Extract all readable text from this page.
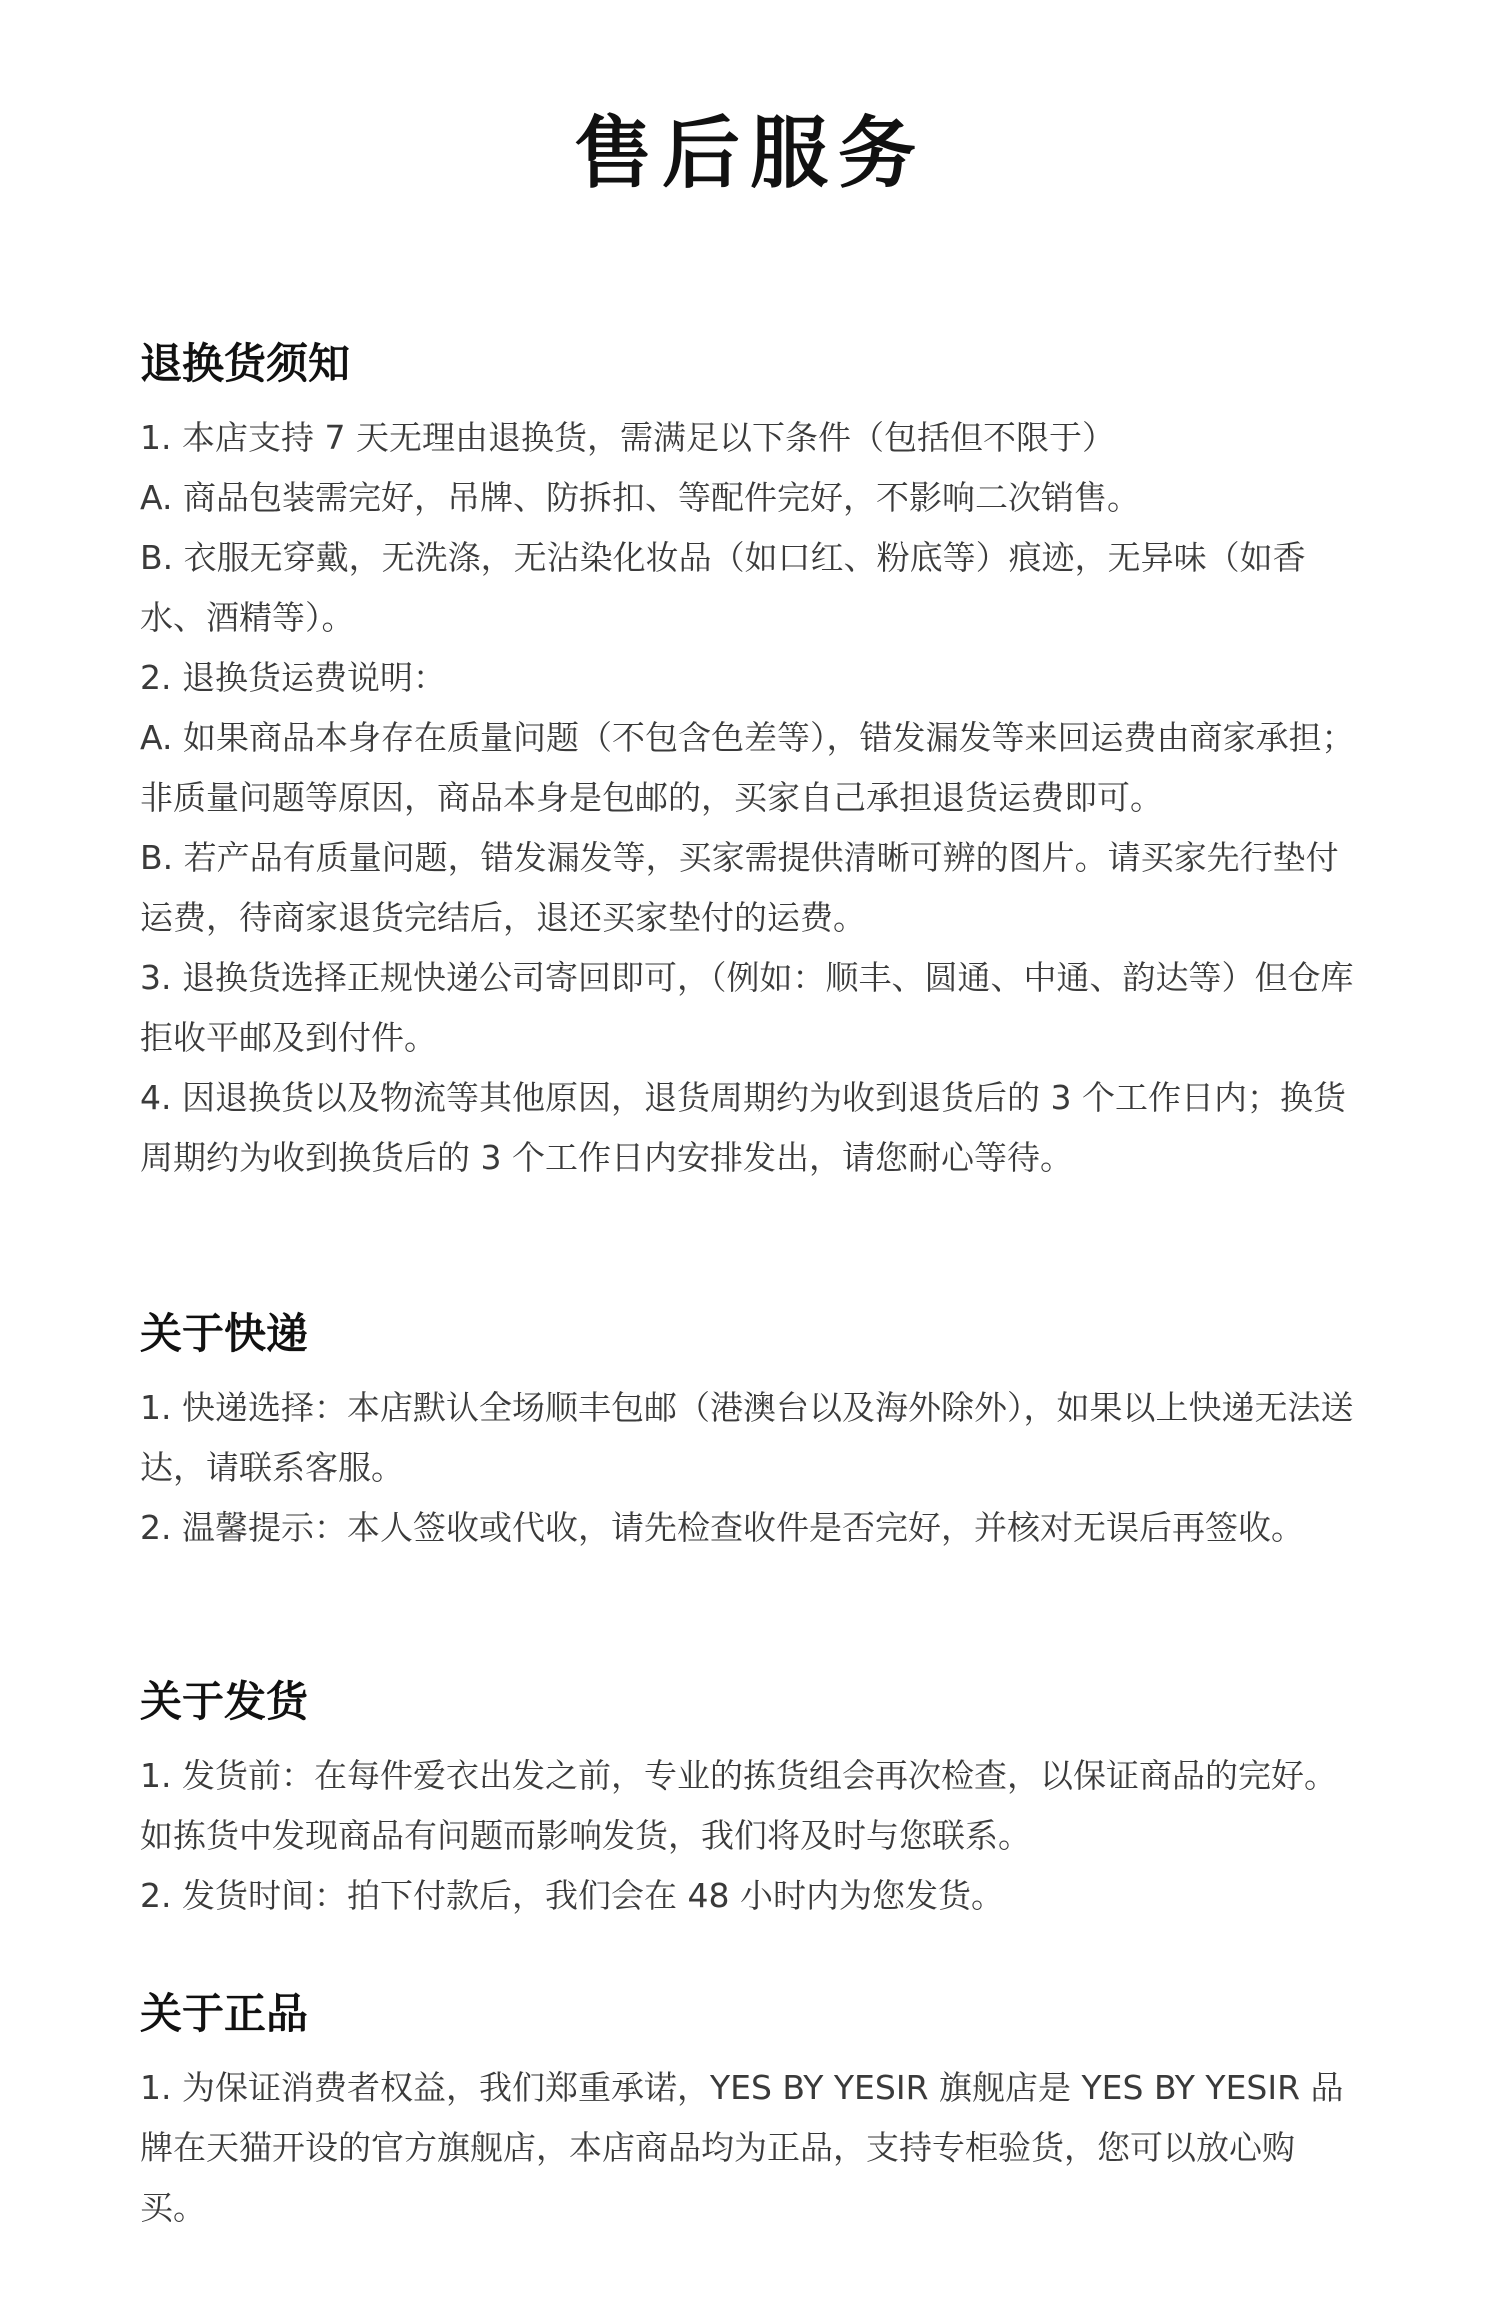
售后服务
退换货须知

1. 本店支持 7 天无理由退换货，需满足以下条件（包括但不限于）

A. 商品包装需完好，吊牌、防拆扣、等配件完好，不影响二次销售。

B. 衣服无穿戴，无洗涤，无沾染化妆品（如口红、粉底等）痕迹，无异味（如香水、酒精等）。

2. 退换货运费说明：

A. 如果商品本身存在质量问题（不包含色差等），错发漏发等来回运费由商家承担；非质量问题等原因，商品本身是包邮的，买家自己承担退货运费即可。

B. 若产品有质量问题，错发漏发等，买家需提供清晰可辨的图片。请买家先行垫付运费，待商家退货完结后，退还买家垫付的运费。

3. 退换货选择正规快递公司寄回即可，（例如：顺丰、圆通、中通、韵达等）但仓库拒收平邮及到付件。

4. 因退换货以及物流等其他原因，退货周期约为收到退货后的 3 个工作日内；换货周期约为收到换货后的 3 个工作日内安排发出，请您耐心等待。

关于快递

1. 快递选择：本店默认全场顺丰包邮（港澳台以及海外除外），如果以上快递无法送达，请联系客服。

2. 温馨提示：本人签收或代收，请先检查收件是否完好，并核对无误后再签收。

关于发货

1. 发货前：在每件爱衣出发之前，专业的拣货组会再次检查，以保证商品的完好。如拣货中发现商品有问题而影响发货，我们将及时与您联系。

2. 发货时间：拍下付款后，我们会在 48 小时内为您发货。

关于正品

1. 为保证消费者权益，我们郑重承诺，YES BY YESIR 旗舰店是 YES BY YESIR 品牌在天猫开设的官方旗舰店，本店商品均为正品，支持专柜验货，您可以放心购买。
